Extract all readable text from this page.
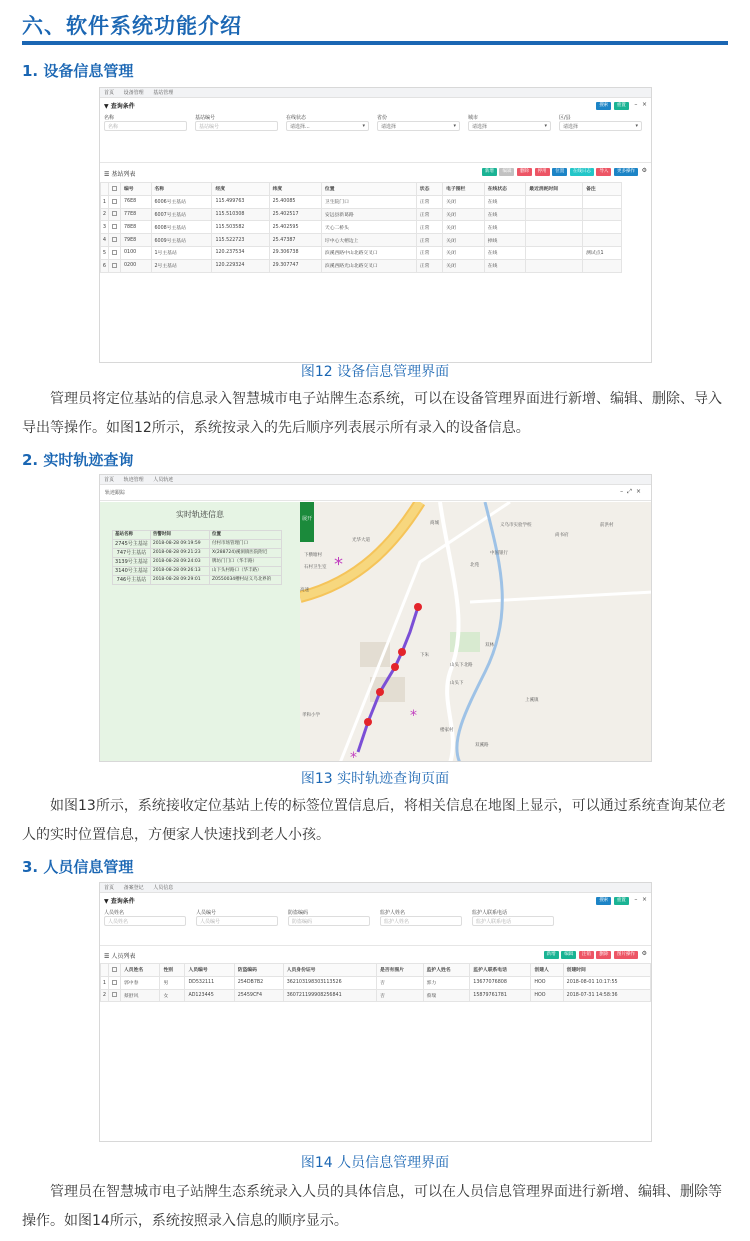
六、软件系统功能介绍
1. 设备信息管理
首页 设备管理 基站管理
▼ 查询条件	搜索 重置 – ×
名称
名称
基站编号
基站编号
在线状态
请选择...	▾
省份
请选择	▾
城市
请选择	▾
区/县
请选择	▾
☰ 基站列表	新增 编辑 删除 停用 位置 在线日志 导入 更多操作 ⚙
		编号	名称	经度	纬度	位置	状态	电子围栏	在线状态	最近消耗时间	备注
1		76E8	6006号主基站	115.499763	25.40085	卫生院门口	正常	关闭	在线		
2		77E8	6007号主基站	115.510308	25.402517	安远县新葛路	正常	关闭	在线		
3		78E8	6008号主基站	115.503582	25.402595	天心二桥头	正常	关闭	在线		
4		79E8	6009号主基站	115.522723	25.47387	圩中心大榕边上	正常	关闭	掉线		
5		0100	1号主基站	120.237534	29.306738	滨溪西路中山北路交叉口	正常	关闭	在线		测试点1
6		0200	2号主基站	120.229324	29.307747	滨溪西路光山北路交叉口	正常	关闭	在线		
图12 设备信息管理界面
管理员将定位基站的信息录入智慧城市电子站牌生态系统，可以在设备管理界面进行新增、编辑、删除、导入导出等操作。如图12所示，系统按录入的先后顺序列表展示所有录入的设备信息。
2. 实时轨迹查询
首页 轨迹管理 人员轨迹
轨迹跟踪	–⤢×
实时轨迹信息
基站名称	告警时间	位置
2745号主基站	2018-08-28 09:19:59	付村市场管理门口
747号主基站	2018-08-28 09:21:23	X(288724)溪洞镇医院附近
3139号主基站	2018-08-28 09:24:03	牌坊门门口（华丰路）
3140号主基站	2018-08-28 09:26:13	山下头村路口（华丰路）
746号主基站	2018-08-28 09:29:01	Z0550034槽村站义乌北界的
*
*
*
展开
下横塘村
石村卫生室
光华大道
高速
义乌市实验学校
商城
中国银行
上溪镇
双林
山头下
下朱
北苑
尚书府
前洪村
孝和小学
山头下北路
楼家村
双溪路
图13 实时轨迹查询页面
如图13所示，系统接收定位基站上传的标签位置信息后，将相关信息在地图上显示，可以通过系统查询某位老人的实时位置信息，方便家人快速找到老人小孩。
3. 人员信息管理
首页 备案登记 人员信息
▼ 查询条件	搜索 重置 – ×
人员姓名
人员姓名
人员编号
人员编号
防盗编码
防盗编码
监护人姓名
监护人姓名
监护人联系电话
监护人联系电话
☰ 人员列表	新增 编辑 注销 删除 图片操作 ⚙
		人员姓名	性别	人员编号	防盗编码	人员身份证号	是否有图片	监护人姓名	监护人联系电话	创建人	创建时间
1		郭中春	男	DD532111	254DB7B2	362103198303113526	否	郭力	13677076808	HOO	2018-08-01 10:17:55
2		蔡舒风	女	AD123445	25459CF4	360721199908256841	否	蔡瑞	15879761781	HOO	2018-07-31 14:58:36
图14 人员信息管理界面
管理员在智慧城市电子站牌生态系统录入人员的具体信息，可以在人员信息管理界面进行新增、编辑、删除等操作。如图14所示，系统按照录入信息的顺序显示。
